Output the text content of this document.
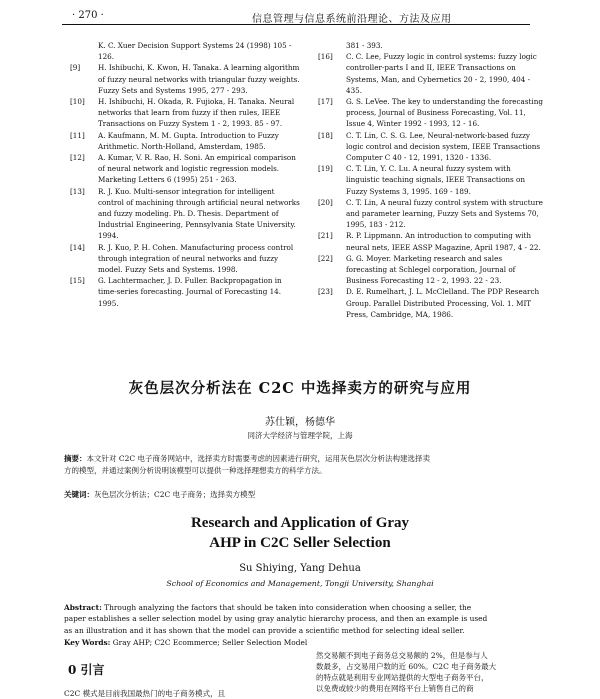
· 270 ·	信息管理与信息系统前沿理论、方法及应用
K. C. Xuer Decision Support Systems 24 (1998) 105 - 126.
[9]	H. Ishibuchi, K. Kwon, H. Tanaka. A learning algorithm of fuzzy neural networks with triangular fuzzy weights. Fuzzy Sets and Systems 1995, 277 - 293.
[10]	H. Ishibuchi, H. Okada, R. Fujioka, H. Tanaka. Neural networks that learn from fuzzy if then rules, IEEE Transactions on Fuzzy System 1 - 2, 1993. 85 - 97.
[11]	A. Kaufmann, M. M. Gupta. Introduction to Fuzzy Arithmetic. North-Holland, Amsterdam, 1985.
[12]	A. Kumar, V. R. Rao, H. Soni. An empirical comparison of neural network and logistic regression models. Marketing Letters 6 (1995) 251 - 263.
[13]	R. J. Kuo. Multi-sensor integration for intelligent control of machining through artificial neural networks and fuzzy modeling. Ph. D. Thesis. Department of Industrial Engineering, Pennsylvania State University. 1994.
[14]	R. J. Kuo, P. H. Cohen. Manufacturing process control through integration of neural networks and fuzzy model. Fuzzy Sets and Systems. 1998.
[15]	G. Lachtermacher, J. D. Fuller. Backpropagation in time-series forecasting. Journal of Forecasting 14. 1995.
381 - 393.
[16]	C. C. Lee, Fuzzy logic in control systems: fuzzy logic controller-parts I and II, IEEE Transactions on Systems, Man, and Cybernetics 20 - 2, 1990, 404 - 435.
[17]	G. S. LeVee. The key to understanding the forecasting process, Journal of Business Forecasting, Vol. 11, Issue 4, Winter 1992 - 1993, 12 - 16.
[18]	C. T. Lin, C. S. G. Lee, Neural-network-based fuzzy logic control and decision system, IEEE Transactions Computer C 40 - 12, 1991, 1320 - 1336.
[19]	C. T. Lin, Y. C. Lu. A neural fuzzy system with linguistic teaching signals, IEEE Transactions on Fuzzy Systems 3, 1995. 169 - 189.
[20]	C. T. Lin, A neural fuzzy control system with structure and parameter learning, Fuzzy Sets and Systems 70, 1995, 183 - 212.
[21]	R. P. Lippmann. An introduction to computing with neural nets, IEEE ASSP Magazine, April 1987, 4 - 22.
[22]	G. G. Moyer. Marketing research and sales forecasting at Schlegel corporation, Journal of Business Forecasting 12 - 2, 1993. 22 - 23.
[23]	D. E. Rumelhart, J. L. McClelland. The PDP Research Group. Parallel Distributed Processing, Vol. 1. MIT Press, Cambridge, MA, 1986.
灰色层次分析法在 C2C 中选择卖方的研究与应用
苏仕颖，杨德华
同济大学经济与管理学院，上海
摘要：本文针对 C2C 电子商务网站中，选择卖方时需要考虑的因素进行研究，运用灰色层次分析法构建选择卖
方的模型，并通过案例分析说明该模型可以提供一种选择理想卖方的科学方法。
关键词：灰色层次分析法；C2C 电子商务；选择卖方模型
Research and Application of Gray
AHP in C2C Seller Selection
Su Shiying, Yang Dehua
School of Economics and Management, Tongji University, Shanghai
Abstract: Through analyzing the factors that should be taken into consideration when choosing a seller, the
paper establishes a seller selection model by using gray analytic hierarchy process, and then an example is used
as an illustration and it has shown that the model can provide a scientific method for selecting ideal seller.
Key Words: Gray AHP; C2C Ecommerce; Seller Selection Model
0 引言
C2C 模式是目前我国最热门的电子商务模式，且
然交易额不到电子商务总交易额的 2%，但是参与人
数最多，占交易用户数的近 60%。C2C 电子商务最大
的特点就是利用专业网站提供的大型电子商务平台，
以免费或较少的费用在网络平台上销售自己的商
